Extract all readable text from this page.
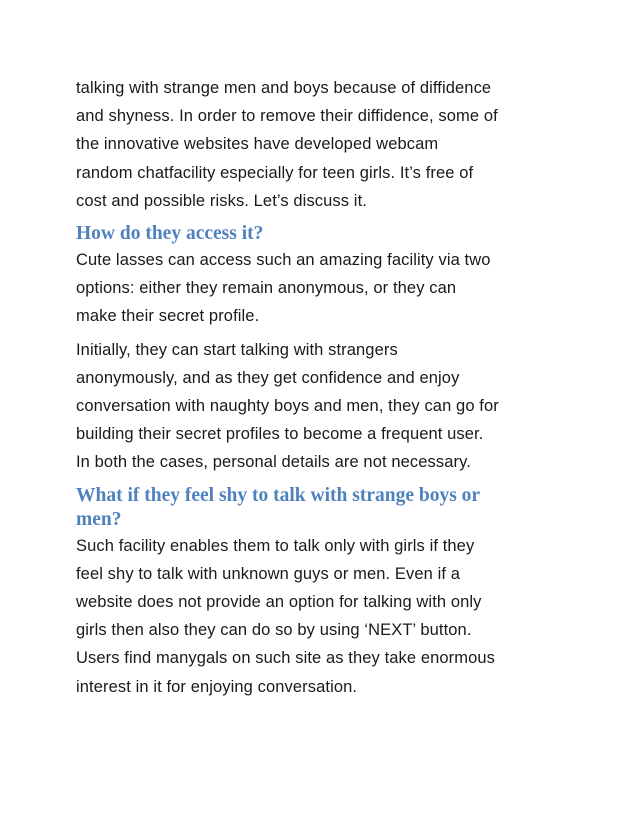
talking with strange men and boys because of diffidence
and shyness. In order to remove their diffidence, some of
the innovative websites have developed webcam
random chatfacility especially for teen girls. It’s free of
cost and possible risks. Let’s discuss it.

How do they access it?

Cute lasses can access such an amazing facility via two
options: either they remain anonymous, or they can
make their secret profile.

Initially, they can start talking with strangers
anonymously, and as they get confidence and enjoy
conversation with naughty boys and men, they can go for
building their secret profiles to become a frequent user.
In both the cases, personal details are not necessary.

What if they feel shy to talk with strange boys or
men?

Such facility enables them to talk only with girls if they
feel shy to talk with unknown guys or men. Even if a
website does not provide an option for talking with only
girls then also they can do so by using ‘NEXT’ button.
Users find manygals on such site as they take enormous
interest in it for enjoying conversation.
